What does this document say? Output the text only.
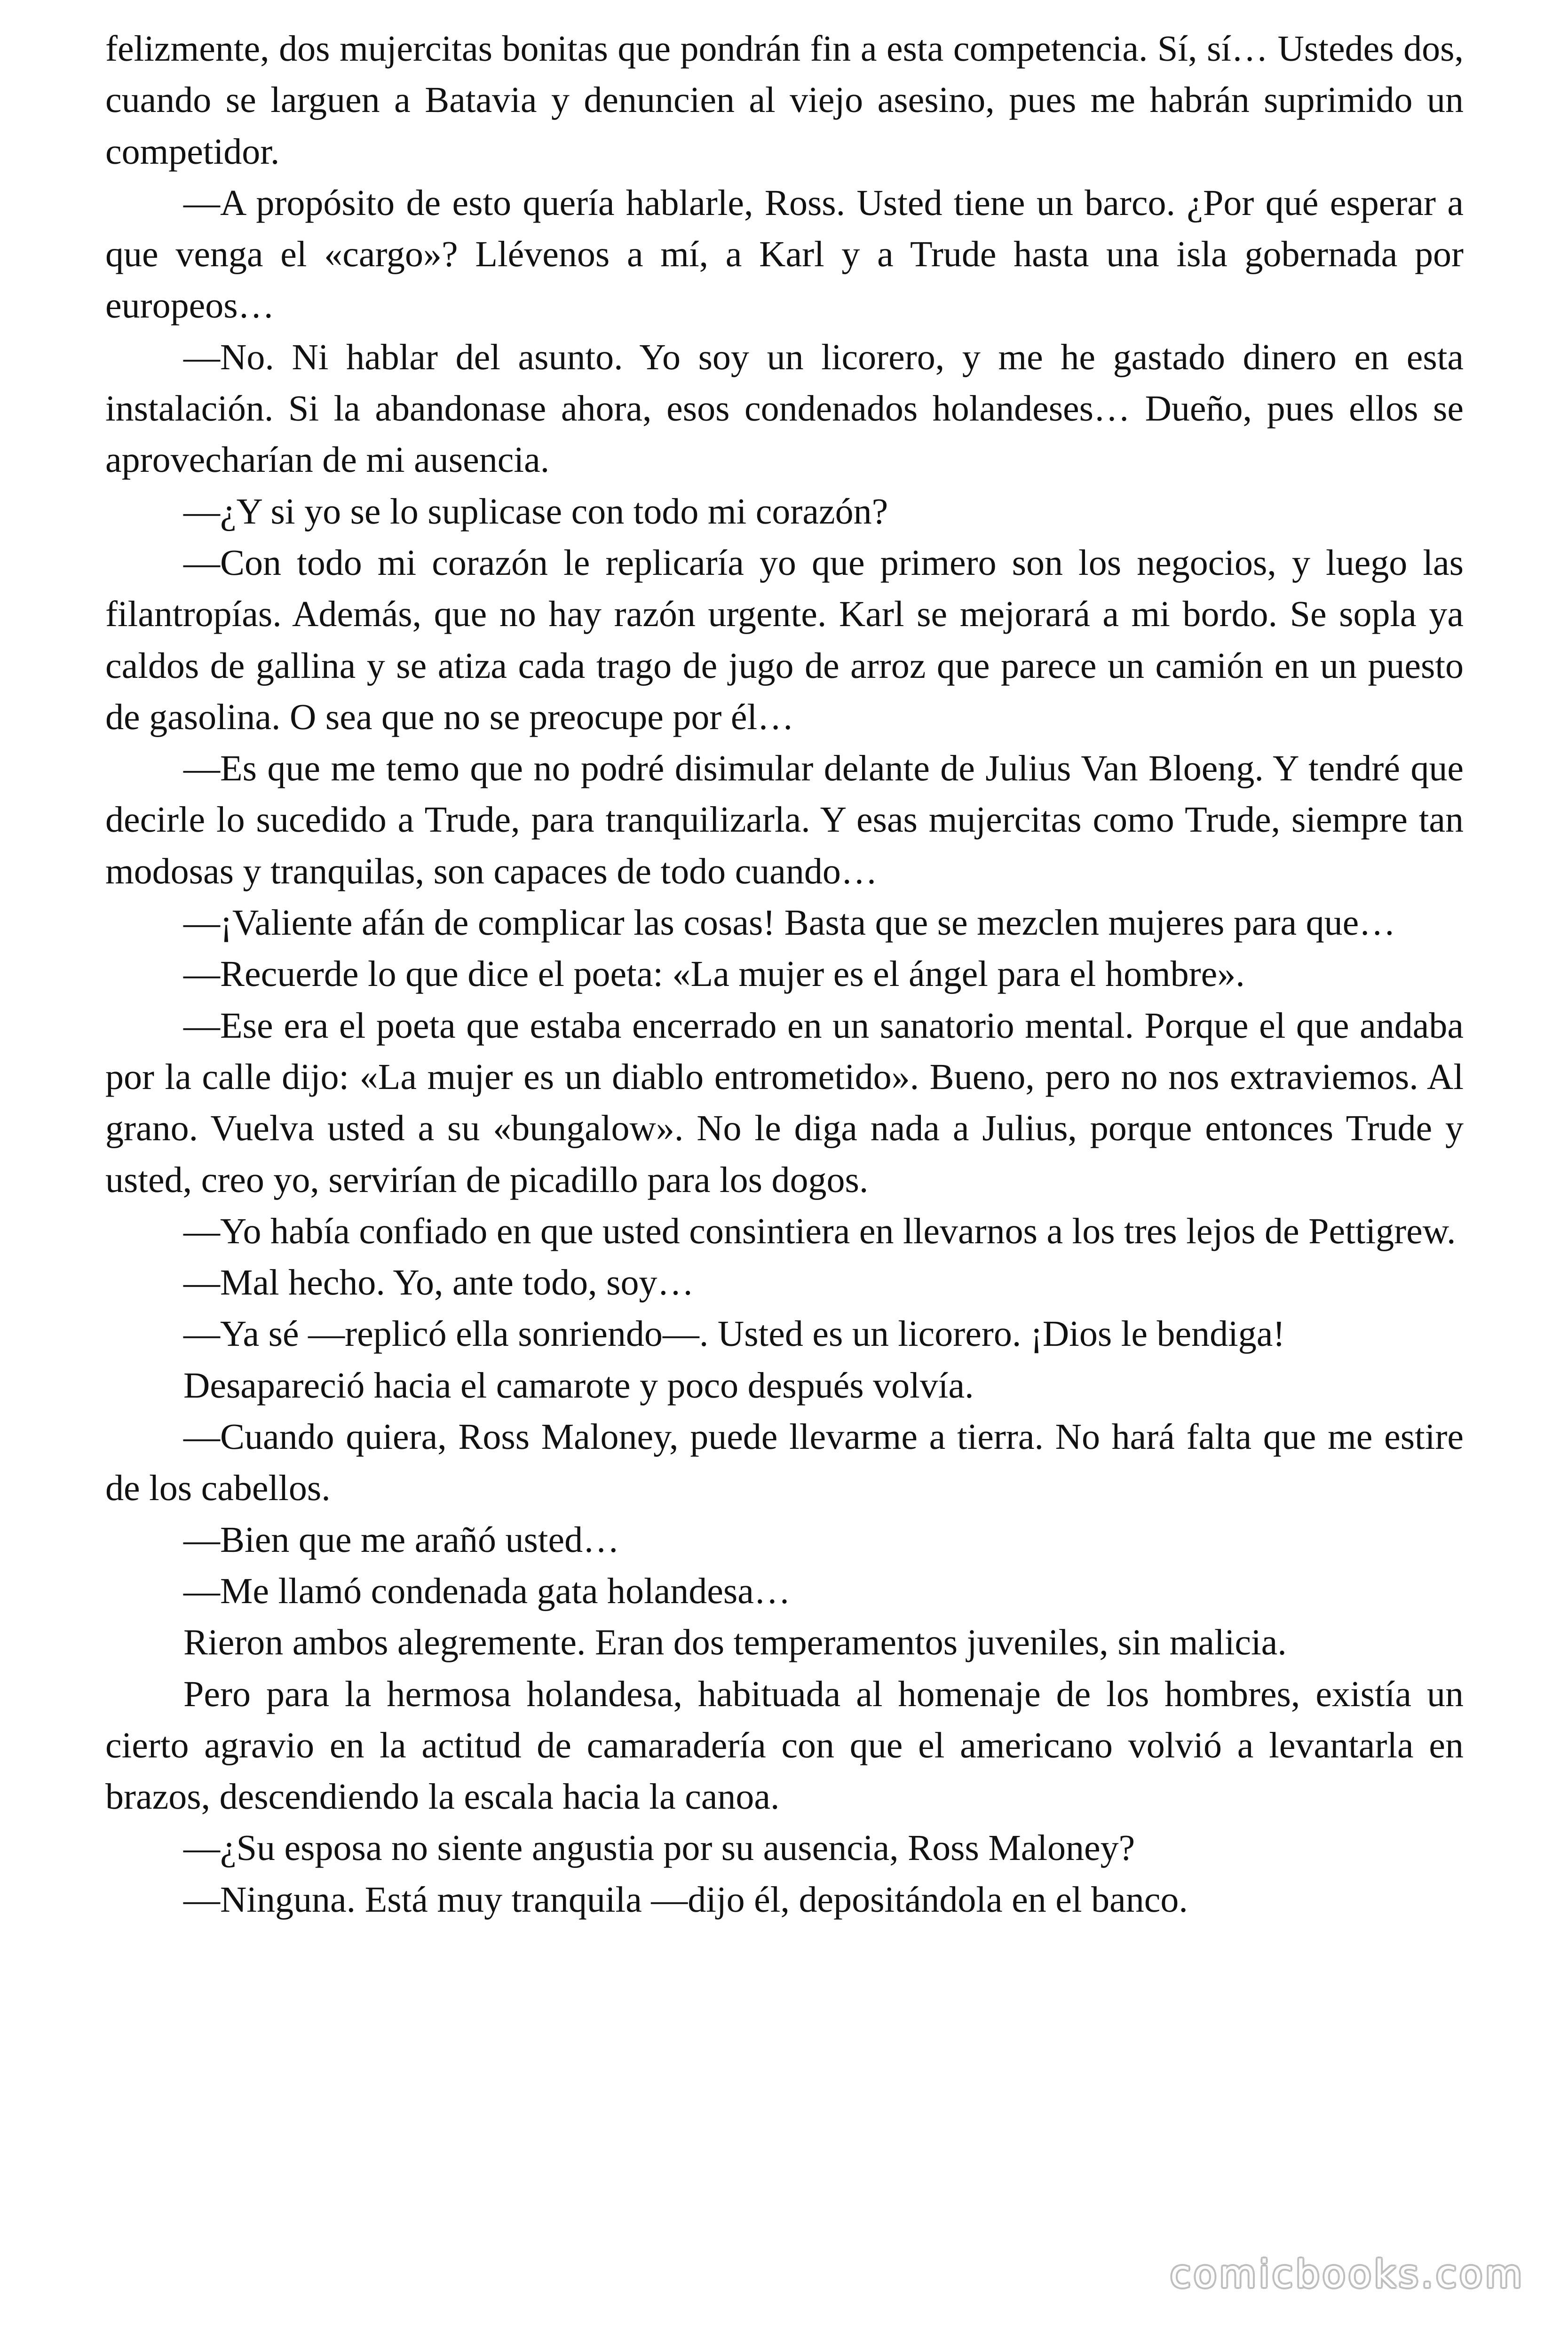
felizmente, dos mujercitas bonitas que pondrán fin a esta competencia. Sí, sí… Ustedes dos, cuando se larguen a Batavia y denuncien al viejo asesino, pues me habrán suprimido un competidor.

—A propósito de esto quería hablarle, Ross. Usted tiene un barco. ¿Por qué esperar a que venga el «cargo»? Llévenos a mí, a Karl y a Trude hasta una isla gobernada por europeos…

—No. Ni hablar del asunto. Yo soy un licorero, y me he gastado dinero en esta instalación. Si la abandonase ahora, esos condenados holandeses… Dueño, pues ellos se aprovecharían de mi ausencia.

—¿Y si yo se lo suplicase con todo mi corazón?

—Con todo mi corazón le replicaría yo que primero son los negocios, y luego las filantropías. Además, que no hay razón urgente. Karl se mejorará a mi bordo. Se sopla ya caldos de gallina y se atiza cada trago de jugo de arroz que parece un camión en un puesto de gasolina. O sea que no se preocupe por él…

—Es que me temo que no podré disimular delante de Julius Van Bloeng. Y tendré que decirle lo sucedido a Trude, para tranquilizarla. Y esas mujercitas como Trude, siempre tan modosas y tranquilas, son capaces de todo cuando…

—¡Valiente afán de complicar las cosas! Basta que se mezclen mujeres para que…

—Recuerde lo que dice el poeta: «La mujer es el ángel para el hombre».

—Ese era el poeta que estaba encerrado en un sanatorio mental. Porque el que andaba por la calle dijo: «La mujer es un diablo entrometido». Bueno, pero no nos extraviemos. Al grano. Vuelva usted a su «bungalow». No le diga nada a Julius, porque entonces Trude y usted, creo yo, servirían de picadillo para los dogos.

—Yo había confiado en que usted consintiera en llevarnos a los tres lejos de Pettigrew.

—Mal hecho. Yo, ante todo, soy…

—Ya sé —replicó ella sonriendo—. Usted es un licorero. ¡Dios le bendiga!

Desapareció hacia el camarote y poco después volvía.

—Cuando quiera, Ross Maloney, puede llevarme a tierra. No hará falta que me estire de los cabellos.

—Bien que me arañó usted…

—Me llamó condenada gata holandesa…

Rieron ambos alegremente. Eran dos temperamentos juveniles, sin malicia.

Pero para la hermosa holandesa, habituada al homenaje de los hombres, existía un cierto agravio en la actitud de camaradería con que el americano volvió a levantarla en brazos, descendiendo la escala hacia la canoa.

—¿Su esposa no siente angustia por su ausencia, Ross Maloney?

—Ninguna. Está muy tranquila —dijo él, depositándola en el banco.

comicbooks.com
